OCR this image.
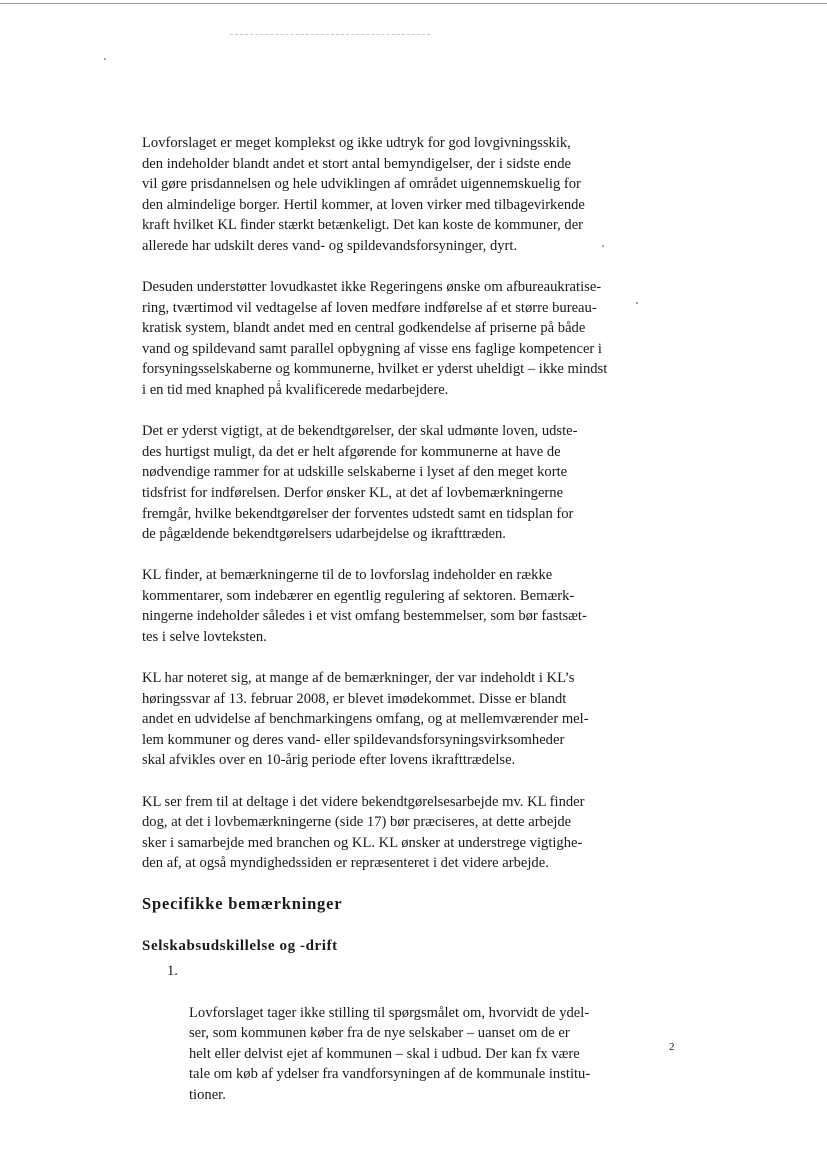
Lovforslaget er meget komplekst og ikke udtryk for god lovgivningsskik,
den indeholder blandt andet et stort antal bemyndigelser, der i sidste ende
vil gøre prisdannelsen og hele udviklingen af området uigennemskuelig for
den almindelige borger. Hertil kommer, at loven virker med tilbagevirkende
kraft hvilket KL finder stærkt betænkeligt. Det kan koste de kommuner, der
allerede har udskilt deres vand- og spildevandsforsyninger, dyrt.

Desuden understøtter lovudkastet ikke Regeringens ønske om afbureaukratise-
ring, tværtimod vil vedtagelse af loven medføre indførelse af et større bureau-
kratisk system, blandt andet med en central godkendelse af priserne på både
vand og spildevand samt parallel opbygning af visse ens faglige kompetencer i
forsyningsselskaberne og kommunerne, hvilket er yderst uheldigt – ikke mindst
i en tid med knaphed på kvalificerede medarbejdere.

Det er yderst vigtigt, at de bekendtgørelser, der skal udmønte loven, udste-
des hurtigst muligt, da det er helt afgørende for kommunerne at have de
nødvendige rammer for at udskille selskaberne i lyset af den meget korte
tidsfrist for indførelsen. Derfor ønsker KL, at det af lovbemærkningerne
fremgår, hvilke bekendtgørelser der forventes udstedt samt en tidsplan for
de pågældende bekendtgørelsers udarbejdelse og ikrafttræden.

KL finder, at bemærkningerne til de to lovforslag indeholder en række
kommentarer, som indebærer en egentlig regulering af sektoren. Bemærk-
ningerne indeholder således i et vist omfang bestemmelser, som bør fastsæt-
tes i selve lovteksten.

KL har noteret sig, at mange af de bemærkninger, der var indeholdt i KL’s
høringssvar af 13. februar 2008, er blevet imødekommet. Disse er blandt
andet en udvidelse af benchmarkingens omfang, og at mellemværender mel-
lem kommuner og deres vand- eller spildevandsforsyningsvirksomheder
skal afvikles over en 10-årig periode efter lovens ikrafttrædelse.

KL ser frem til at deltage i det videre bekendtgørelsesarbejde mv. KL finder
dog, at det i lovbemærkningerne (side 17) bør præciseres, at dette arbejde
sker i samarbejde med branchen og KL. KL ønsker at understrege vigtighe-
den af, at også myndighedssiden er repræsenteret i det videre arbejde.

Specifikke bemærkninger
Selskabsudskillelse og -drift

1.

Lovforslaget tager ikke stilling til spørgsmålet om, hvorvidt de ydel-
ser, som kommunen køber fra de nye selskaber – uanset om de er
helt eller delvist ejet af kommunen – skal i udbud. Der kan fx være
tale om køb af ydelser fra vandforsyningen af de kommunale institu-
tioner.

2
